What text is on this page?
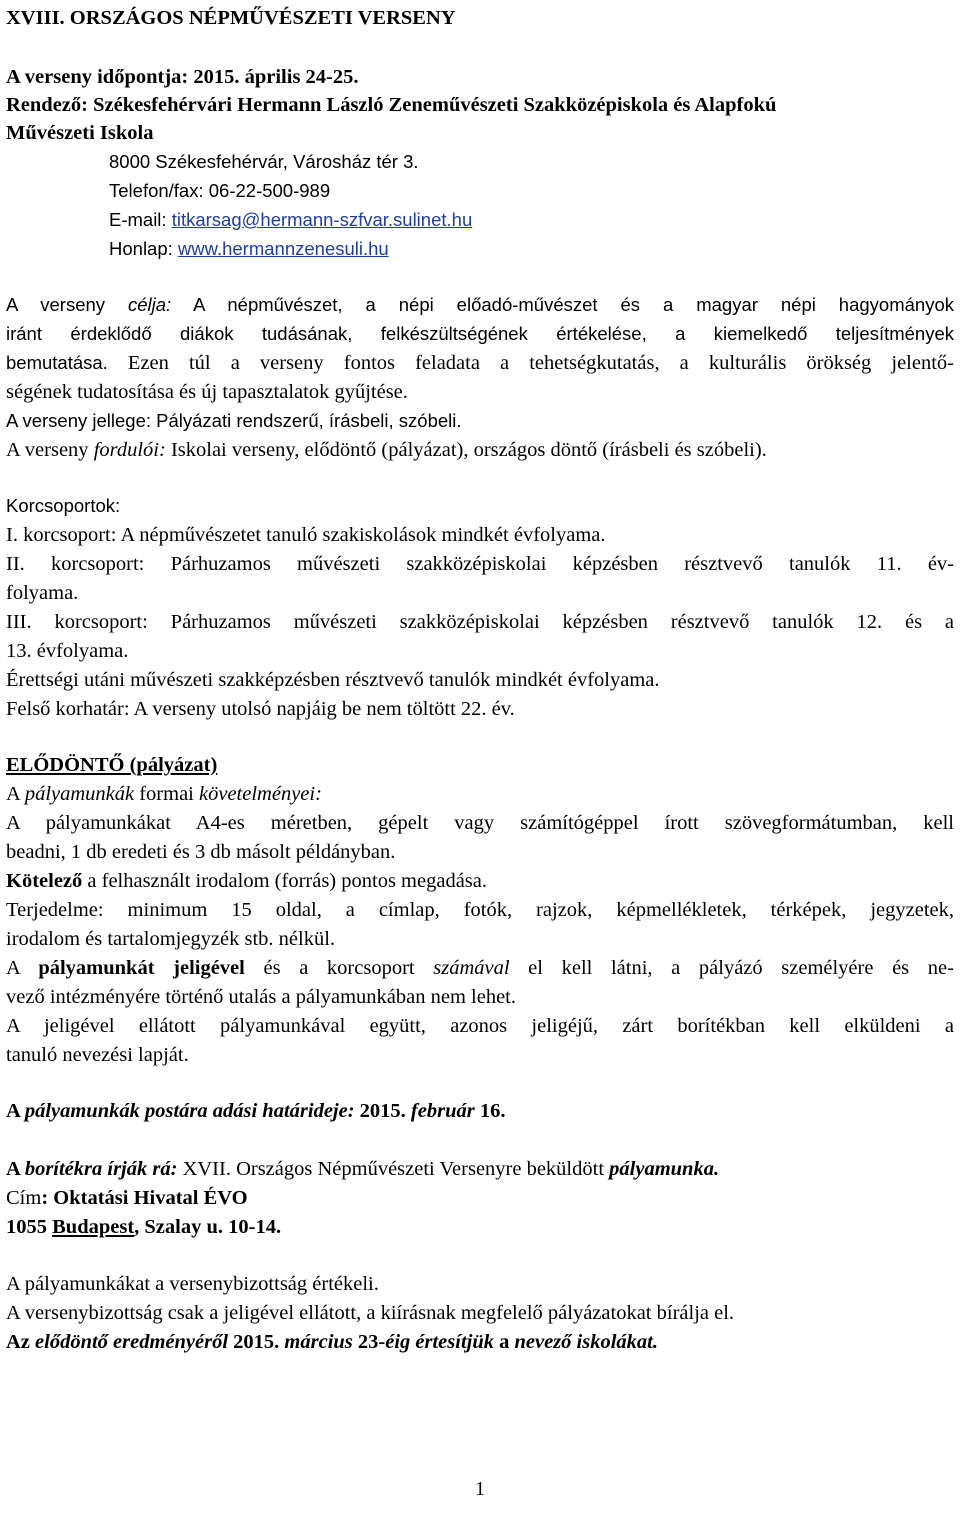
XVIII. ORSZÁGOS NÉPMŰVÉSZETI VERSENY
A verseny időpontja: 2015. április 24-25.
Rendező: Székesfehérvári Hermann László Zeneművészeti Szakközépiskola és Alapfokú
Művészeti Iskola
8000 Székesfehérvár, Városház tér 3.
Telefon/fax: 06-22-500-989
E-mail: titkarsag@hermann-szfvar.sulinet.hu
Honlap: www.hermannzenesuli.hu
A verseny célja: A népművészet, a népi előadó-művészet és a magyar népi hagyományok
iránt érdeklődő diákok tudásának, felkészültségének értékelése, a kiemelkedő teljesítmények
bemutatása. Ezen túl a verseny fontos feladata a tehetségkutatás, a kulturális örökség jelentő-
ségének tudatosítása és új tapasztalatok gyűjtése.
A verseny jellege: Pályázati rendszerű, írásbeli, szóbeli.
A verseny fordulói: Iskolai verseny, elődöntő (pályázat), országos döntő (írásbeli és szóbeli).
Korcsoportok:
I. korcsoport: A népművészetet tanuló szakiskolások mindkét évfolyama.
II. korcsoport: Párhuzamos művészeti szakközépiskolai képzésben résztvevő tanulók 11. év-
folyama.
III. korcsoport: Párhuzamos művészeti szakközépiskolai képzésben résztvevő tanulók 12. és a
13. évfolyama.
Érettségi utáni művészeti szakképzésben résztvevő tanulók mindkét évfolyama.
Felső korhatár: A verseny utolsó napjáig be nem töltött 22. év.
ELŐDÖNTŐ (pályázat)
A pályamunkák formai követelményei:
A pályamunkákat A4-es méretben, gépelt vagy számítógéppel írott szövegformátumban, kell
beadni, 1 db eredeti és 3 db másolt példányban.
Kötelező a felhasznált irodalom (forrás) pontos megadása.
Terjedelme: minimum 15 oldal, a címlap, fotók, rajzok, képmellékletek, térképek, jegyzetek,
irodalom és tartalomjegyzék stb. nélkül.
A pályamunkát jeligével és a korcsoport számával el kell látni, a pályázó személyére és ne-
vező intézményére történő utalás a pályamunkában nem lehet.
A jeligével ellátott pályamunkával együtt, azonos jeligéjű, zárt borítékban kell elküldeni a
tanuló nevezési lapját.
A pályamunkák postára adási határideje: 2015. február 16.
A borítékra írják rá: XVII. Országos Népművészeti Versenyre beküldött pályamunka.
Cím: Oktatási Hivatal ÉVO
1055 Budapest, Szalay u. 10-14.
A pályamunkákat a versenybizottság értékeli.
A versenybizottság csak a jeligével ellátott, a kiírásnak megfelelő pályázatokat bírálja el.
Az elődöntő eredményéről 2015. március 23-éig értesítjük a nevező iskolákat.
1
